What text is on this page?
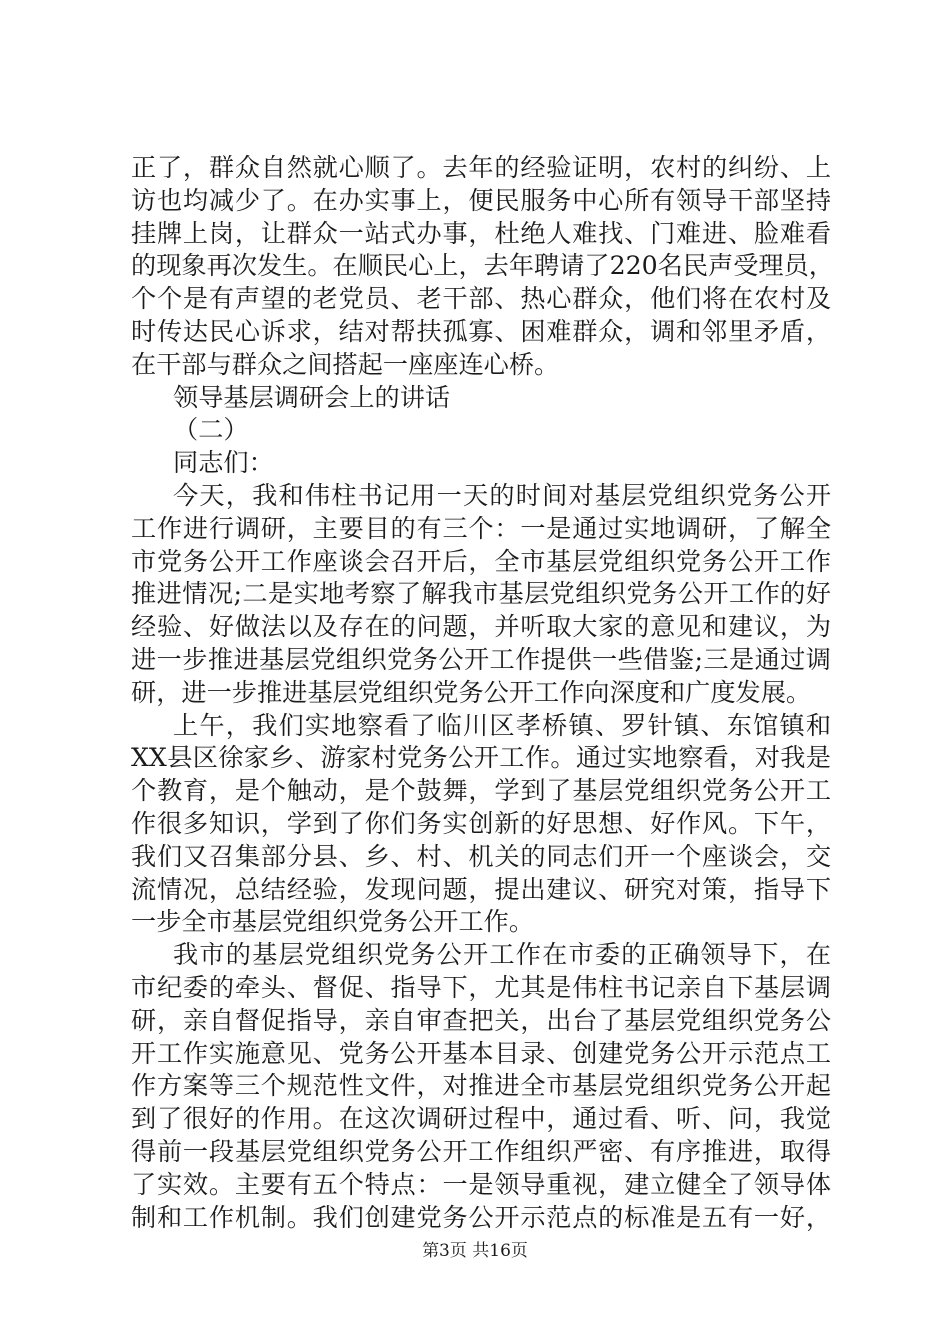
正了，群众自然就心顺了。去年的经验证明，农村的纠纷、上
访也均减少了。在办实事上，便民服务中心所有领导干部坚持
挂牌上岗，让群众一站式办事，杜绝人难找、门难进、脸难看
的现象再次发生。在顺民心上，去年聘请了220名民声受理员，
个个是有声望的老党员、老干部、热心群众，他们将在农村及
时传达民心诉求，结对帮扶孤寡、困难群众，调和邻里矛盾，
在干部与群众之间搭起一座座连心桥。
领导基层调研会上的讲话
（二）
同志们：
今天，我和伟柱书记用一天的时间对基层党组织党务公开
工作进行调研，主要目的有三个：一是通过实地调研，了解全
市党务公开工作座谈会召开后，全市基层党组织党务公开工作
推进情况;二是实地考察了解我市基层党组织党务公开工作的好
经验、好做法以及存在的问题，并听取大家的意见和建议，为
进一步推进基层党组织党务公开工作提供一些借鉴;三是通过调
研，进一步推进基层党组织党务公开工作向深度和广度发展。
上午，我们实地察看了临川区孝桥镇、罗针镇、东馆镇和
XX县区徐家乡、游家村党务公开工作。通过实地察看，对我是
个教育，是个触动，是个鼓舞，学到了基层党组织党务公开工
作很多知识，学到了你们务实创新的好思想、好作风。下午，
我们又召集部分县、乡、村、机关的同志们开一个座谈会，交
流情况，总结经验，发现问题，提出建议、研究对策，指导下
一步全市基层党组织党务公开工作。
我市的基层党组织党务公开工作在市委的正确领导下，在
市纪委的牵头、督促、指导下，尤其是伟柱书记亲自下基层调
研，亲自督促指导，亲自审查把关，出台了基层党组织党务公
开工作实施意见、党务公开基本目录、创建党务公开示范点工
作方案等三个规范性文件，对推进全市基层党组织党务公开起
到了很好的作用。在这次调研过程中，通过看、听、问，我觉
得前一段基层党组织党务公开工作组织严密、有序推进，取得
了实效。主要有五个特点：一是领导重视，建立健全了领导体
制和工作机制。我们创建党务公开示范点的标准是五有一好，
第3页 共16页
